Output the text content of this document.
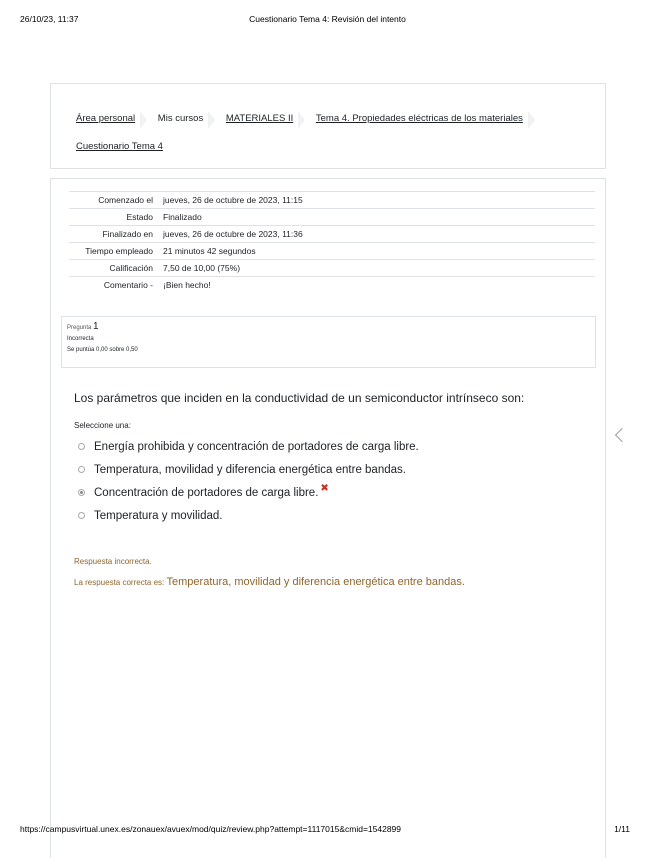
26/10/23, 11:37	Cuestionario Tema 4: Revisión del intento
Área personal Mis cursos MATERIALES II Tema 4. Propiedades eléctricas de los materiales

Cuestionario Tema 4
Comenzado el	jueves, 26 de octubre de 2023, 11:15
Estado	Finalizado
Finalizado en	jueves, 26 de octubre de 2023, 11:36
Tiempo empleado	21 minutos 42 segundos
Calificación	7,50 de 10,00 (75%)
Comentario -	¡Bien hecho!
Pregunta 1
Incorrecta
Se puntúa 0,00 sobre 0,50
Los parámetros que inciden en la conductividad de un semiconductor intrínseco son:
Seleccione una:
Energía prohibida y concentración de portadores de carga libre.
Temperatura, movilidad y diferencia energética entre bandas.
Concentración de portadores de carga libre. ✖
Temperatura y movilidad.
Respuesta incorrecta.
La respuesta correcta es: Temperatura, movilidad y diferencia energética entre bandas.
https://campusvirtual.unex.es/zonauex/avuex/mod/quiz/review.php?attempt=1117015&cmid=1542899	1/11
